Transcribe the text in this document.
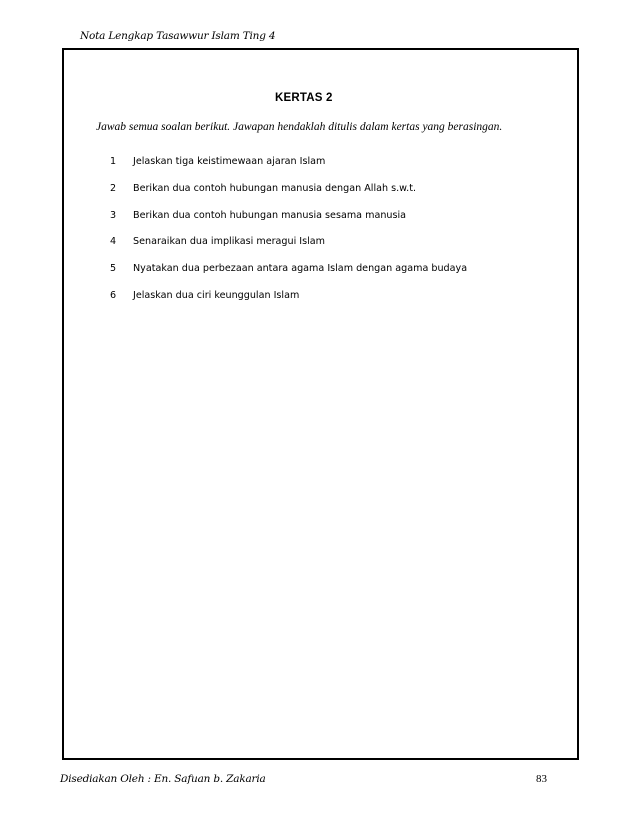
Nota Lengkap Tasawwur Islam Ting 4
KERTAS 2
Jawab semua soalan berikut. Jawapan hendaklah ditulis dalam kertas yang berasingan.
1	Jelaskan tiga keistimewaan ajaran Islam
2	Berikan dua contoh hubungan manusia dengan Allah s.w.t.
3	Berikan dua contoh hubungan manusia sesama manusia
4	Senaraikan dua implikasi meragui Islam
5	Nyatakan dua perbezaan antara agama Islam dengan agama budaya
6	Jelaskan dua ciri keunggulan Islam
Disediakan Oleh : En. Safuan b. Zakaria	83
